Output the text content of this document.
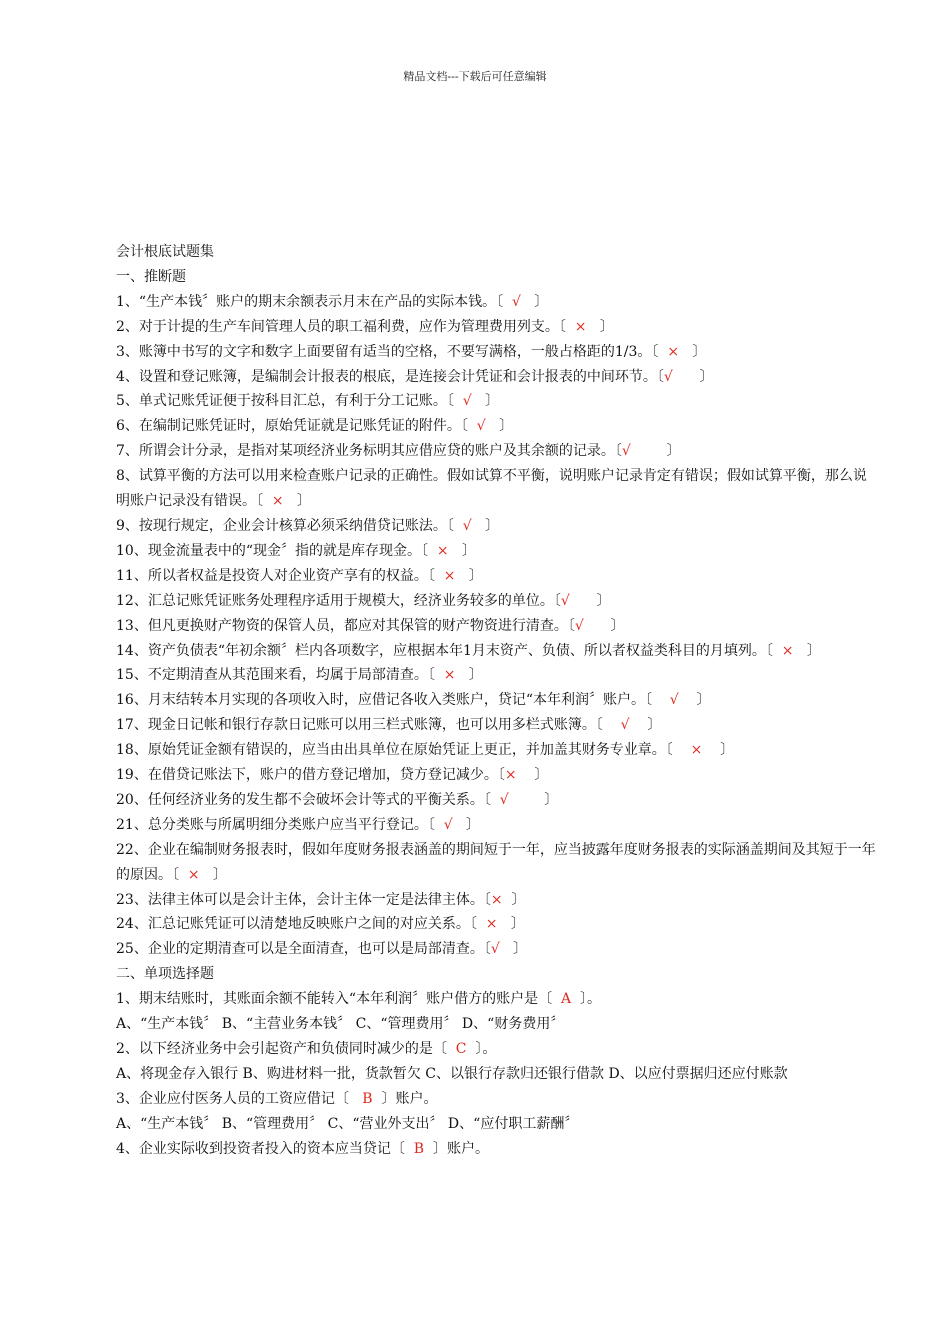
精品文档---下载后可任意编辑
会计根底试题集
一、推断题
1、“生产本钱〞账户的期末余额表示月末在产品的实际本钱。〔  √   〕
2、对于计提的生产车间管理人员的职工福利费，应作为管理费用列支。〔  ×   〕
3、账簿中书写的文字和数字上面要留有适当的空格，不要写满格，一般占格距的1/3。〔  ×   〕
4、设置和登记账簿，是编制会计报表的根底，是连接会计凭证和会计报表的中间环节。〔√      〕
5、单式记账凭证便于按科目汇总，有利于分工记账。〔  √   〕
6、在编制记账凭证时，原始凭证就是记账凭证的附件。〔  √   〕
7、所谓会计分录，是指对某项经济业务标明其应借应贷的账户及其余额的记录。〔√        〕
8、试算平衡的方法可以用来检查账户记录的正确性。假如试算不平衡，说明账户记录肯定有错误；假如试算平衡，那么说明账户记录没有错误。〔  ×   〕
9、按现行规定，企业会计核算必须采纳借贷记账法。〔  √   〕
10、现金流量表中的“现金〞指的就是库存现金。〔  ×   〕
11、所以者权益是投资人对企业资产享有的权益。〔  ×   〕
12、汇总记账凭证账务处理程序适用于规模大，经济业务较多的单位。〔√      〕
13、但凡更换财产物资的保管人员，都应对其保管的财产物资进行清查。〔√      〕
14、资产负债表“年初余额〞栏内各项数字，应根据本年1月末资产、负债、所以者权益类科目的月填列。〔  ×   〕
15、不定期清查从其范围来看，均属于局部清查。〔  ×   〕
16、月末结转本月实现的各项收入时，应借记各收入类账户，贷记“本年利润〞账户。〔    √    〕
17、现金日记帐和银行存款日记账可以用三栏式账簿，也可以用多栏式账簿。〔    √    〕
18、原始凭证金额有错误的，应当由出具单位在原始凭证上更正，并加盖其财务专业章。〔    ×    〕
19、在借贷记账法下，账户的借方登记增加，贷方登记减少。〔×    〕
20、任何经济业务的发生都不会破坏会计等式的平衡关系。〔  √        〕
21、总分类账与所属明细分类账户应当平行登记。〔  √   〕
22、企业在编制财务报表时，假如年度财务报表涵盖的期间短于一年，应当披露年度财务报表的实际涵盖期间及其短于一年的原因。〔  ×   〕
23、法律主体可以是会计主体，会计主体一定是法律主体。〔×  〕
24、汇总记账凭证可以清楚地反映账户之间的对应关系。〔  ×   〕
25、企业的定期清查可以是全面清查，也可以是局部清查。〔√   〕
二、单项选择题
1、期末结账时，其账面余额不能转入“本年利润〞账户借方的账户是〔  A  〕。
A、“生产本钱〞 B、“主营业务本钱〞 C、“管理费用〞 D、“财务费用〞
2、以下经济业务中会引起资产和负债同时减少的是〔  C  〕。
A、将现金存入银行 B、购进材料一批，货款暂欠 C、以银行存款归还银行借款 D、以应付票据归还应付账款
3、企业应付医务人员的工资应借记〔   B  〕账户。
A、“生产本钱〞 B、“管理费用〞 C、“营业外支出〞 D、“应付职工薪酬〞
4、企业实际收到投资者投入的资本应当贷记〔  B  〕账户。
